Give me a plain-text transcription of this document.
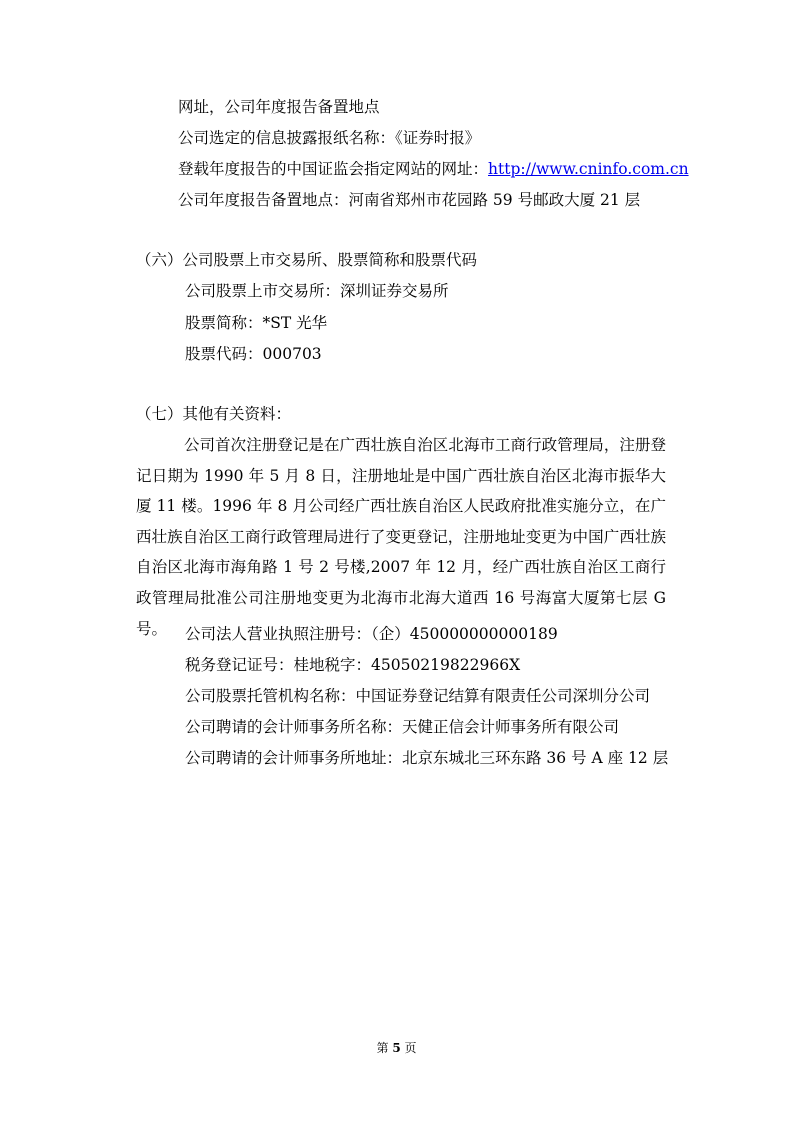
网址，公司年度报告备置地点
公司选定的信息披露报纸名称：《证券时报》
登载年度报告的中国证监会指定网站的网址：http://www.cninfo.com.cn
公司年度报告备置地点：河南省郑州市花园路 59 号邮政大厦 21 层
（六）公司股票上市交易所、股票简称和股票代码
公司股票上市交易所：深圳证券交易所
股票简称：*ST 光华
股票代码：000703
（七）其他有关资料：
公司首次注册登记是在广西壮族自治区北海市工商行政管理局，注册登记日期为 1990 年 5 月 8 日，注册地址是中国广西壮族自治区北海市振华大厦 11 楼。1996 年 8 月公司经广西壮族自治区人民政府批准实施分立，在广西壮族自治区工商行政管理局进行了变更登记，注册地址变更为中国广西壮族自治区北海市海角路 1 号 2 号楼,2007 年 12 月，经广西壮族自治区工商行政管理局批准公司注册地变更为北海市北海大道西 16 号海富大厦第七层 G 号。	公司法人营业执照注册号：（企）450000000000189
税务登记证号：桂地税字：45050219822966X
公司股票托管机构名称：中国证券登记结算有限责任公司深圳分公司
公司聘请的会计师事务所名称：天健正信会计师事务所有限公司
公司聘请的会计师事务所地址：北京东城北三环东路 36 号 A 座 12 层
第 5 页
